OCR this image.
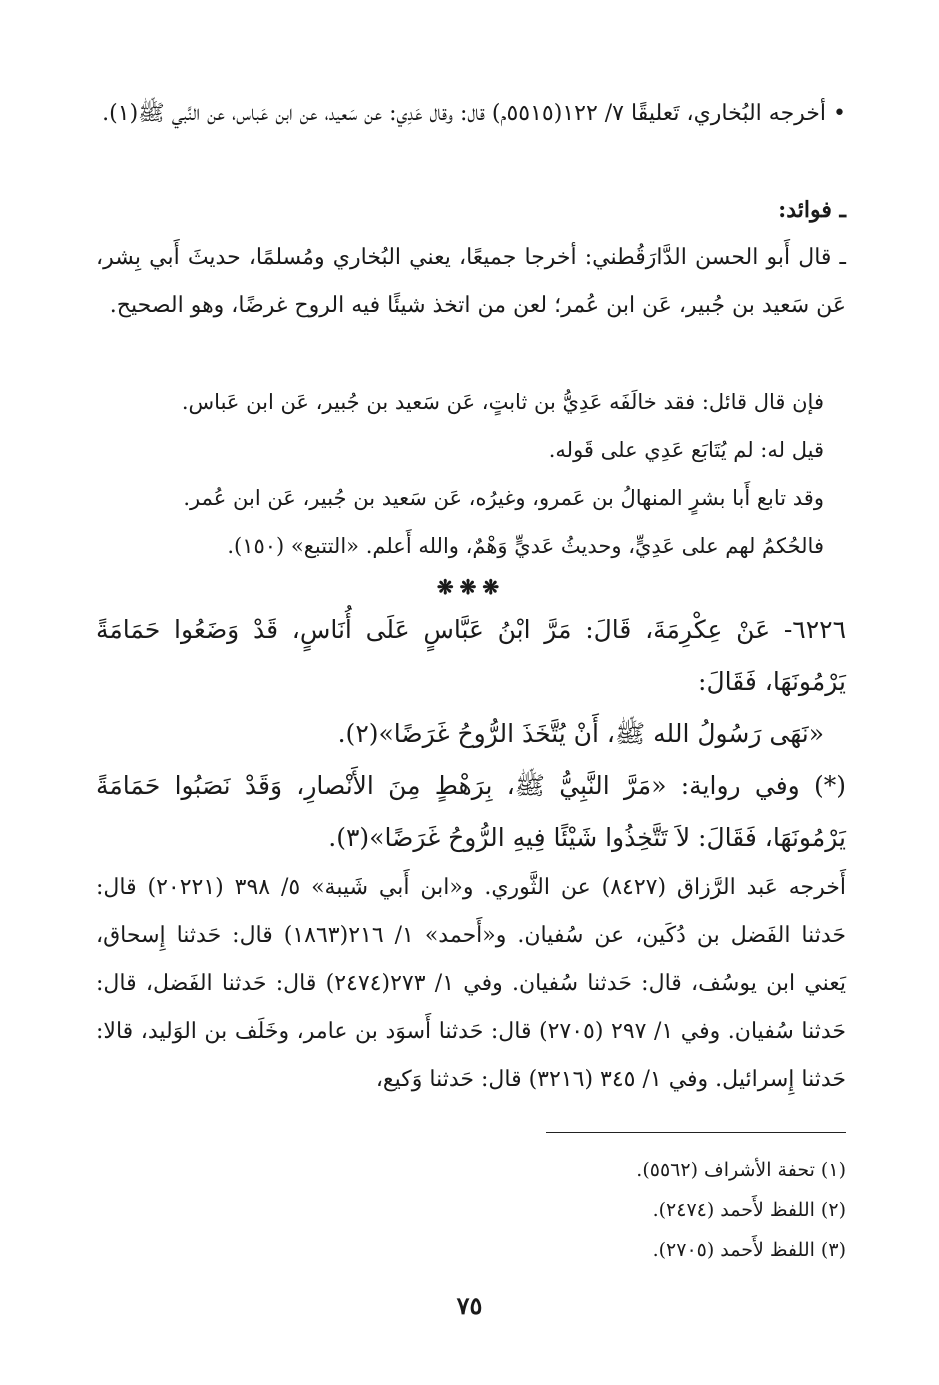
• أخرجه البُخاري، تَعليقًا ٧/ ١٢٢(٥٥١٥م) قال: وقال عَدِي: عن سَعيد، عن ابن عَباس، عن النَّبي ﷺ(١).

ـ فوائد:

ـ قال أَبو الحسن الدَّارَقُطني: أخرجا جميعًا، يعني البُخاري ومُسلمًا، حديثَ أَبي بِشر، عَن سَعيد بن جُبير، عَن ابن عُمر؛ لعن من اتخذ شيئًا فيه الروح غرضًا، وهو الصحيح.

فإن قال قائل: فقد خالَفَه عَدِيُّ بن ثابتٍ، عَن سَعيد بن جُبير، عَن ابن عَباس.

قيل له: لم يُتَابَع عَدِي على قَوله.

وقد تابع أَبا بشرٍ المنهالُ بن عَمرو، وغيرُه، عَن سَعيد بن جُبير، عَن ابن عُمر.

فالحُكمُ لهم على عَدِيٍّ، وحديثُ عَديٍّ وَهْمٌ، والله أَعلم. «التتبع» (١٥٠).

❋❋❋

٦٢٢٦- عَنْ عِكْرِمَةَ، قَالَ: مَرَّ ابْنُ عَبَّاسٍ عَلَى أُنَاسٍ، قَدْ وَضَعُوا حَمَامَةً يَرْمُونَهَا، فَقَالَ:

«نَهَى رَسُولُ الله ﷺ، أَنْ يُتَّخَذَ الرُّوحُ غَرَضًا»(٢).

(*) وفي رواية: «مَرَّ النَّبِيُّ ﷺ، بِرَهْطٍ مِنَ الأَنْصارِ، وَقَدْ نَصَبُوا حَمَامَةً يَرْمُونَهَا، فَقَالَ: لاَ تَتَّخِذُوا شَيْئًا فِيهِ الرُّوحُ غَرَضًا»(٣).

أَخرجه عَبد الرَّزاق (٨٤٢٧) عن الثَّوري. و«ابن أَبي شَيبة» ٥/ ٣٩٨ (٢٠٢٢١) قال: حَدثنا الفَضل بن دُكَين، عن سُفيان. و«أَحمد» ١/ ٢١٦(١٨٦٣) قال: حَدثنا إِسحاق، يَعني ابن يوسُف، قال: حَدثنا سُفيان. وفي ١/ ٢٧٣(٢٤٧٤) قال: حَدثنا الفَضل، قال: حَدثنا سُفيان. وفي ١/ ٢٩٧ (٢٧٠٥) قال: حَدثنا أَسوَد بن عامر، وخَلَف بن الوَليد، قالا: حَدثنا إِسرائيل. وفي ١/ ٣٤٥ (٣٢١٦) قال: حَدثنا وَكيع،

(١) تحفة الأشراف (٥٥٦٢).

(٢) اللفظ لأَحمد (٢٤٧٤).

(٣) اللفظ لأَحمد (٢٧٠٥).

٧٥
